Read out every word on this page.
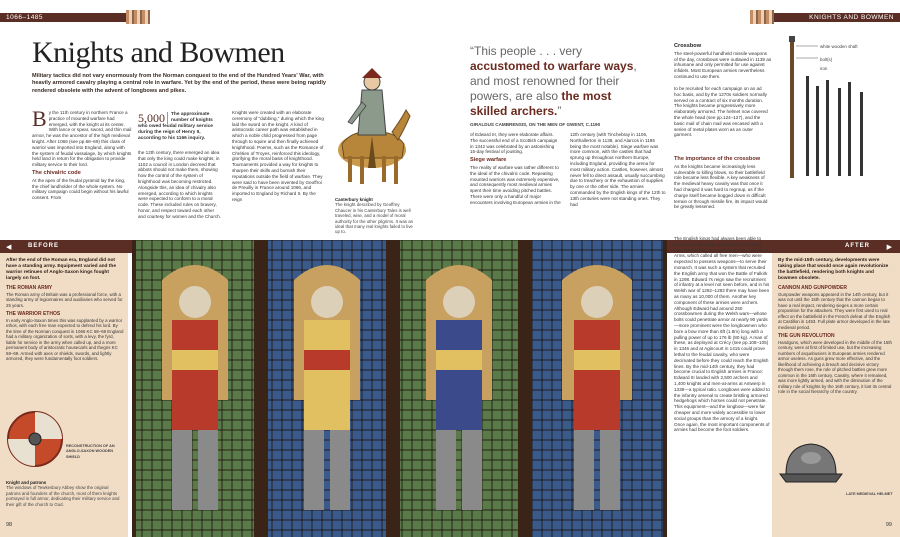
1066–1485	KNIGHTS AND BOWMEN
Knights and Bowmen
Military tactics did not vary enormously from the Norman conquest to the end of the Hundred Years' War, with heavily armored cavalry playing a central role in warfare. Yet by the end of the period, these were being rapidly rendered obsolete with the advent of longbows and pikes.
B y the 11th century in northern France a practice of mounted warfare had emerged, with the knight at its center. With lance or spear, sword, and thin mail armor, he was the ancestor of the high medieval knight. After 1066 (see pp.68–69) this class of warrior was imported into England, along with the system of feudal vassalage, by which knights held land in return for the obligation to provide military service to their lord.
The chivalric code
At the apex of the feudal pyramid lay the king, the chief landholder of the whole system. No military campaign could begin without his lawful consent. From
5,000	The approximate number of knights who owed feudal military service during the reign of Henry II, according to his 1166 inquiry.
the 12th century, there emerged an idea that only the king could make knights; in 1102 a council in London decreed that abbots should not make them, showing how the control of the system of knighthood was becoming restricted. Alongside this, an idea of chivalry also emerged, according to which knights were expected to conform to a moral code. These included rules on bravery, honor, and respect toward each other and courtesy for women and the Church.
Knights were created with an elaborate ceremony of "dubbing," during which the king laid the sword on the knight. A kind of aristocratic career path was established in which a noble child progressed from page through to squire and then finally achieved knighthood. Poems, such as the Romance of Chrétien of Troyes, reinforced this ideology, glorifying the moral basis of knighthood. Tournaments provided a way for knights to sharpen their skills and burnish their reputations outside the field of warfare. They were said to have been invented by Geoffroi de Preuilly in France around 1066, and imported to England by Richard II. By the reign	Canterbury knight
The knight described by Geoffrey Chaucer in his Canterbury Tales is well traveled, wise, and a model of moral authority for the other pilgrims. It was an ideal that many real knights failed to live up to.
“This people . . . very accustomed to warfare ways, and most renowned for their powers, are also the most skilled archers.”
GIRALDUS CAMBRENSIS, ON THE MEN OF GWENT, C.1190
of Edward III, they were elaborate affairs. The successful end of a Scottish campaign in 1342 was celebrated by an astonishing 15-day festival of jousting.
Siege warfare
The reality of warfare was rather different to the ideal of the chivalric code. Repeating mounted warriors was extremely expensive, and consequently most medieval armies spent their time avoiding pitched battles. There were only a handful of major encounters involving European armies in the
12th century (with Tinchebray in 1106, Northallerton in 1138, and Alarcos in 1195 being the most notable). Siege warfare was more common, with the castles that had sprung up throughout northern Europe, including England, providing the arena for most military action. Castles, however, almost never fell to direct assault, usually succumbing due to treachery or the exhaustion of supplies by one or the other side. The armies commanded by the English kings of the 12th to 13th centuries were not standing ones. They had
Crossbow
The steel-powerful handheld missile weapons of the day, crossbows were outlawed in 1139 as inhumane and only permitted for use against infidels. Most European armies nevertheless continued to use them.
white wooden shaft
bolt(s)
iron
to be recruited for each campaign on an ad hoc basis, and by the 1270s soldiers normally served on a contract of six months duration. The knights became progressively more elaborately armored. The helmet now covered the whole head (see pp.124–127), and the basic mail of chain mail was encased with a series of metal plates worn as an outer garment.
The importance of the crossbow
As the knights became increasingly less vulnerable to killing blows, so their battlefield role became less flexible. A key weakness of the medieval heavy cavalry was that once it had charged it was hard to regroup, as if the charge itself became bogged down in difficult terrain or through missile fire, its impact would be greatly lessened.
◀	BEFORE	AFTER ▶
After the end of the Roman era, England did not have a standing army. Equipment varied and the warrior retinues of Anglo-Saxon kings fought largely on foot.
THE ROMAN ARMY
The Roman army of Britain was a professional force, with a standing army of legionnaires and auxiliaries who served for 25 years.
THE WARRIOR ETHOS
In early Anglo-Saxon times this was supplanted by a warrior ethos, with each free man expected to defend his lord. By the time of the Norman conquest in 1066 KC 68–69 England had a military organization of sorts, with a levy, the fyrd, liable for service in the army when called up, and a more permanent body of aristocratic housecarls and thegns KC 68–69. Armed with axes or shields, swords, and lightly armored, they were fundamentally foot soldiers.
RECONSTRUCTION OF AN ANGLO-SAXON WOODEN SHIELD
Knight and patrons
The windows of Tewkesbury Abbey show the original patrons and founders of the church, most of them knights portrayed in full armor, dedicating their military service and their gift of the church to God.
The English kings had always been able to recruit a wider range of troops to their army than the knights, by such means as Assizes of Arms, which called all free men—who were expected to possess weapons—to serve their monarch. It was such a system that recruited the English army that won the Battle of Falkirk in 1298. Edward I's reign saw the recruitment of infantry at a level not seen before, and in his Welsh war of 1282–1283 there may have been as many as 10,000 of them. Another key component of these armies were archers. Although Edward had around 250 crossbowmen during the Welsh wars—whose bolts could penetrate armor at nearly 90 yards—more prominent were the longbowmen who bore a bow more than 6ft (1.8m) long with a pulling power of up to 176 lb (80 kg). A man of these, as deployed at Crécy (see pp.108–105) in 1346 and at Agincourt in 1415 could prove lethal to the feudal cavalry, who were decimated before they could reach the English lines. By the mid-14th century, they had become crucial to English armies in France: Edward III landed with 2,500 archers and 1,400 knights and men-at-arms at Antwerp in 1338—a typical ratio. Longbows were added to the infantry arsenal to create bristling armored hedgehogs which horses could not penetrate. This equipment—and the longbow—were far cheaper and more widely accessible to lower social groups than the armory of a knight. Once again, the most important components of armies had become the foot soldiers.
By the mid-15th century, developments were taking place that would once again revolutionize the battlefield, rendering both knights and bowmen obsolete.
CANNON AND GUNPOWDER
Gunpowder weapons appeared in the 14th century, but it was not until the 15th century that the cannon began to have a real impact, rendering sieges a more certain proposition for the attackers. They were first used to real effect on the battlefield in the French defeat of the English at Castillon in 1453. Full plate armor developed in the late medieval period.
THE GUN REVOLUTION
Handguns, which were developed in the middle of the 15th century, were at first of limited use, but the increasing numbers of arquebusiers in European armies rendered armor useless. As guns grew more effective, and the likelihood of achieving a breach and decisive victory through them rose, the role of pitched battles grew more common in the 16th century. Cavalry, where it remained, was more lightly armed, and with the diminution of the military role of knights by the 16th century, it lost its central role in the social hierarchy of the country.
LATE MEDIEVAL HELMET
98	99
